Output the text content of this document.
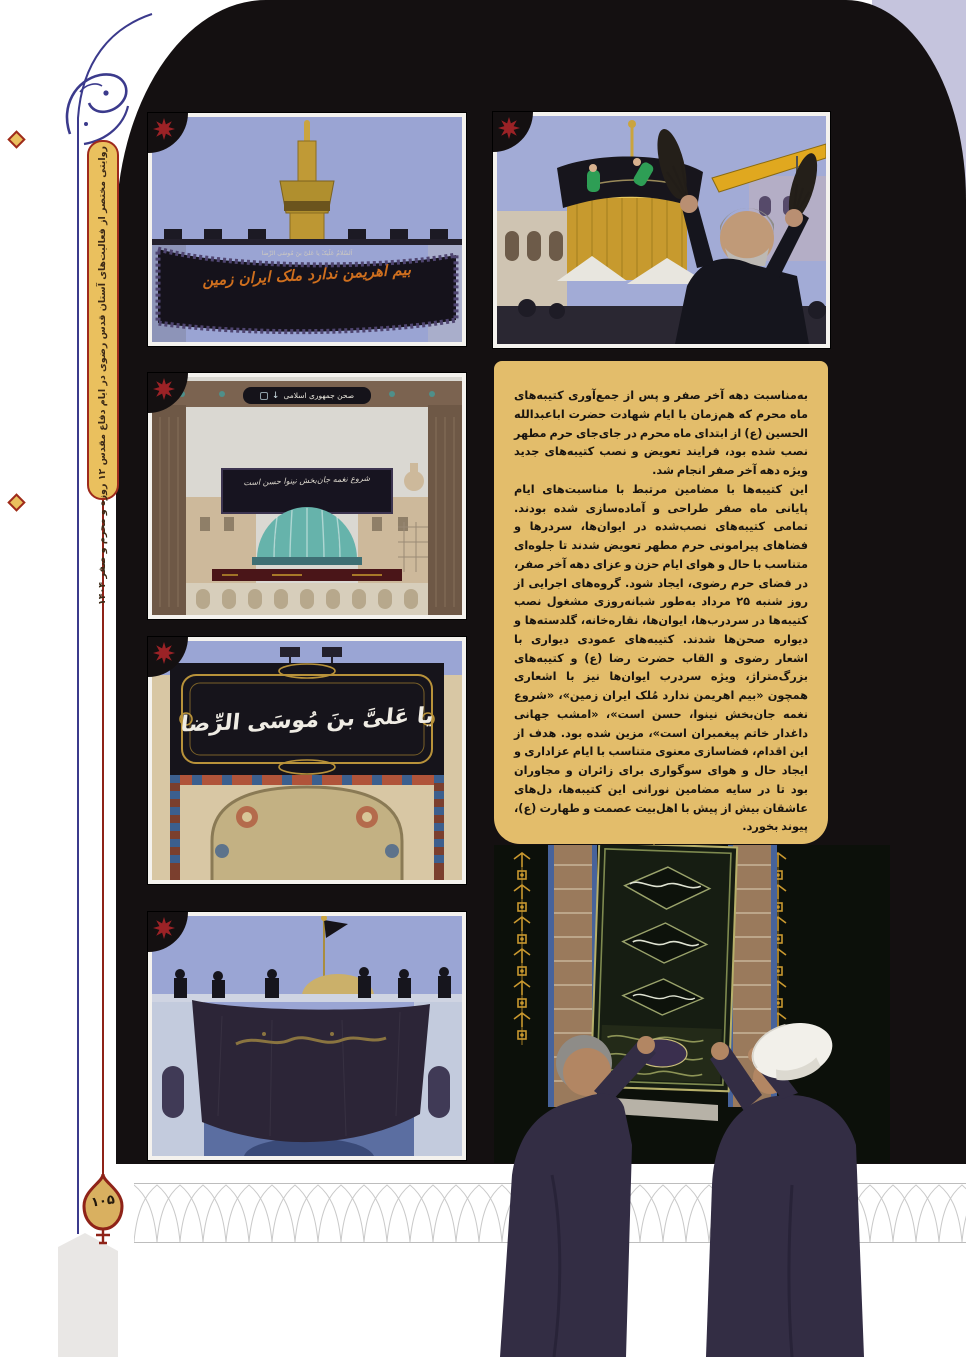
روایتی مختصر از فعالیت‌های آستان قدس رضوی در ایام دفاع مقدس ۱۲ روزه و محرم و صفر ۱۴۰۴
۱۰۵
اَلسَّلامُ عَلَیکَ یا عَلیَّ بنَ مُوسَی الرِّضا
بیم اهریمن ندارد ملک ایران زمین
صحن جمهوری اسلامی
↓
شروع نغمه جان‌بخش نینوا حسن است
یا عَلیَّ بنَ مُوسَی الرِّضا

به‌مناسبت دهه آخر صفر و پس از جمع‌آوری کتیبه‌های ماه محرم که هم‌زمان با ایام شهادت حضرت اباعبدالله الحسین (ع) از ابتدای ماه محرم در جای‌جای حرم مطهر نصب شده بود، فرایند تعویض و نصب کتیبه‌های جدید ویژه دهه آخر صفر انجام شد.

این کتیبه‌ها با مضامین مرتبط با مناسبت‌های ایام پایانی ماه صفر طراحی و آماده‌سازی شده بودند. تمامی کتیبه‌های نصب‌شده در ایوان‌ها، سردرها و فضاهای پیرامونی حرم مطهر تعویض شدند تا جلوه‌ای متناسب با حال و هوای ایام حزن و عزای دهه آخر صفر، در فضای حرم رضوی، ایجاد شود. گروه‌های اجرایی از روز شنبه ۲۵ مرداد به‌طور شبانه‌روزی مشغول نصب کتیبه‌ها در سردرب‌ها، ایوان‌ها، نقاره‌خانه، گلدسته‌ها و دیواره صحن‌ها شدند. کتیبه‌های عمودی دیواری با اشعار رضوی و القاب حضرت رضا (ع) و کتیبه‌های بزرگ‌متراژ، ویژه سردرب ایوان‌ها نیز با اشعاری همچون «بیم اهریمن ندارد مُلک ایران زمین»، «شروع نغمه جان‌بخش نینوا، حسن است»، «امشب جهانی داغدار خاتم پیغمبران است»، مزین شده بود. هدف از این اقدام، فضاسازی معنوی متناسب با ایام عزاداری و ایجاد حال و هوای سوگواری برای زائران و مجاوران بود تا در سایه مضامین نورانی این کتیبه‌ها، دل‌های عاشقان بیش از پیش با اهل‌بیت عصمت و طهارت (ع)، پیوند بخورد.
